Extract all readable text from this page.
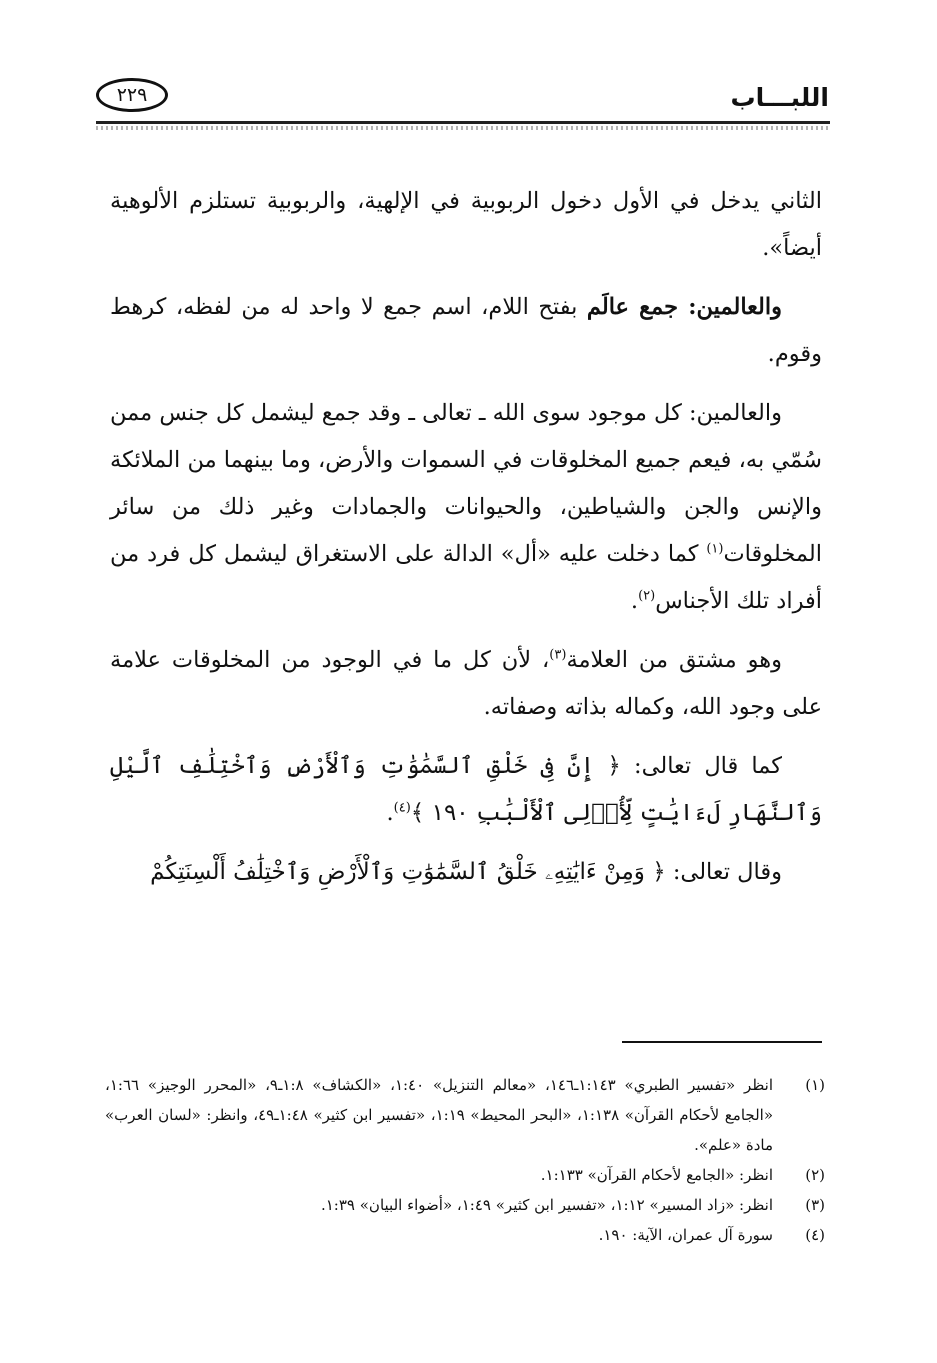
اللبـــاب
٢٢٩

الثاني يدخل في الأول دخول الربوبية في الإلهية، والربوبية تستلزم الألوهية أيضاً».

والعالمين: جمع عالَم بفتح اللام، اسم جمع لا واحد له من لفظه، كرهط وقوم.

والعالمين: كل موجود سوى الله ـ تعالى ـ وقد جمع ليشمل كل جنس ممن سُمّي به، فيعم جميع المخلوقات في السموات والأرض، وما بينهما من الملائكة والإنس والجن والشياطين، والحيوانات والجمادات وغير ذلك من سائر المخلوقات$^{(١)}$ كما دخلت عليه «أل» الدالة على الاستغراق ليشمل كل فرد من أفراد تلك الأجناس$^{(٢)}$.

وهو مشتق من العلامة$^{(٣)}$، لأن كل ما في الوجود من المخلوقات علامة على وجود الله، وكماله بذاته وصفاته.

كما قال تعالى: ﴿ إِنَّ فِى خَلْقِ ٱلسَّمَٰوَٰتِ وَٱلْأَرْضِ وَٱخْتِلَٰفِ ٱلَّيْلِ وَٱلنَّهَارِ لَءَايَٰتٍ لِّأُو۟لِى ٱلْأَلْبَٰبِ ١٩٠ ﴾$^{(٤)}$.

وقال تعالى: ﴿ وَمِنْ ءَايَٰتِهِۦ خَلْقُ ٱلسَّمَٰوَٰتِ وَٱلْأَرْضِ وَٱخْتِلَٰفُ أَلْسِنَتِكُمْ

(١)
انظر «تفسير الطبري» ١:١٤٣ـ١٤٦، «معالم التنزيل» ١:٤٠، «الكشاف» ١:٨ـ٩، «المحرر الوجيز» ١:٦٦، «الجامع لأحكام القرآن» ١:١٣٨، «البحر المحيط» ١:١٩، «تفسير ابن كثير» ١:٤٨ـ٤٩، وانظر: «لسان العرب» مادة «علم».
(٢)
انظر: «الجامع لأحكام القرآن» ١:١٣٣.
(٣)
انظر: «زاد المسير» ١:١٢، «تفسير ابن كثير» ١:٤٩، «أضواء البيان» ١:٣٩.
(٤)
سورة آل عمران، الآية: ١٩٠.
